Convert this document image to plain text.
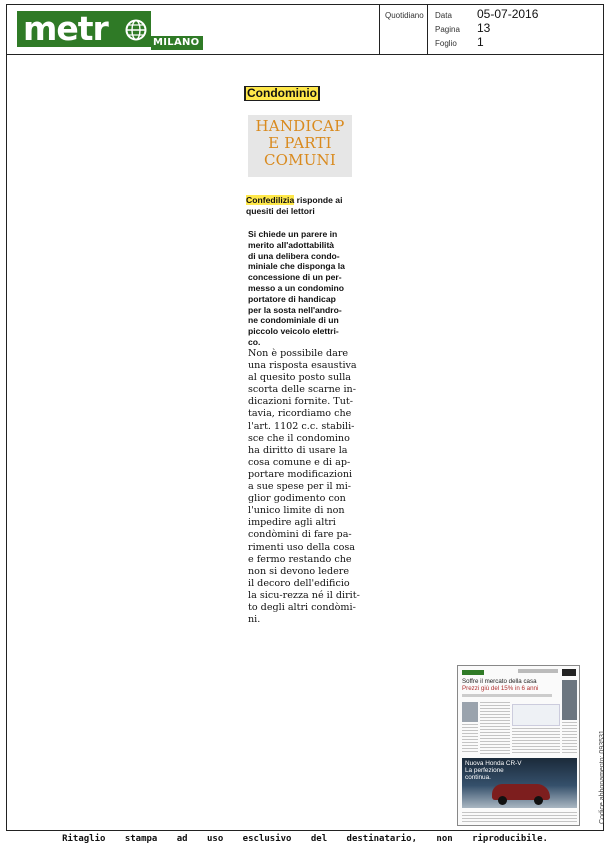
metr	MILANO
Quotidiano Data 05-07-2016
Pagina 13
Foglio 1
Condominio
HANDICAP
E PARTI
COMUNI
Confedilizia risponde ai
quesiti dei lettori
Si chiede un parere in
merito all'adottabilità
di una delibera condo-
miniale che disponga la
concessione di un per-
messo a un condomino
portatore di handicap
per la sosta nell'andro-
ne condominiale di un
piccolo veicolo elettri-
co.
Non è possibile dare
una risposta esaustiva
al quesito posto sulla
scorta delle scarne in-
dicazioni fornite. Tut-
tavia, ricordiamo che
l'art. 1102 c.c. stabili-
sce che il condomino
ha diritto di usare la
cosa comune e di ap-
portare modificazioni
a sue spese per il mi-
glior godimento con
l'unico limite di non
impedire agli altri
condòmini di fare pa-
rimenti uso della cosa
e fermo restando che
non si devono ledere
il decoro dell'edificio
la sicu-rezza né il dirit-
to degli altri condòmi-
ni.
Soffre il mercato della casa
Prezzi giù del 15% in 6 anni
Nuova Honda CR-V
La perfezione
continua.	Codice abbonamento: 093531
Ritaglio stampa ad uso esclusivo del destinatario, non riproducibile.
